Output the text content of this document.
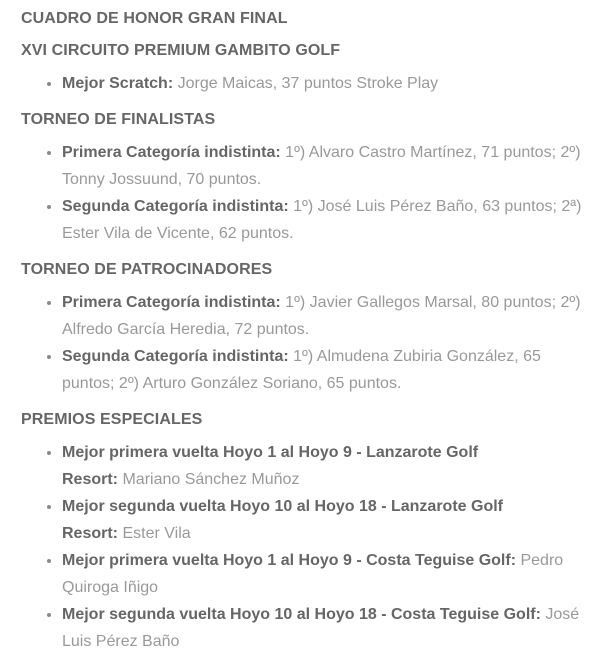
CUADRO DE HONOR GRAN FINAL
XVI CIRCUITO PREMIUM GAMBITO GOLF
• Mejor Scratch: Jorge Maicas, 37 puntos Stroke Play
TORNEO DE FINALISTAS
• Primera Categoría indistinta: 1º) Alvaro Castro Martínez, 71 puntos; 2º)
Tonny Jossuund, 70 puntos.
• Segunda Categoría indistinta: 1º) José Luis Pérez Baño, 63 puntos; 2ª)
Ester Vila de Vicente, 62 puntos.
TORNEO DE PATROCINADORES
• Primera Categoría indistinta: 1º) Javier Gallegos Marsal, 80 puntos; 2º)
Alfredo García Heredia, 72 puntos.
• Segunda Categoría indistinta: 1º) Almudena Zubiria González, 65
puntos; 2º) Arturo González Soriano, 65 puntos.
PREMIOS ESPECIALES
• Mejor primera vuelta Hoyo 1 al Hoyo 9 - Lanzarote Golf
Resort: Mariano Sánchez Muñoz
• Mejor segunda vuelta Hoyo 10 al Hoyo 18 - Lanzarote Golf
Resort: Ester Vila
• Mejor primera vuelta Hoyo 1 al Hoyo 9 - Costa Teguise Golf: Pedro
Quiroga Iñigo
• Mejor segunda vuelta Hoyo 10 al Hoyo 18 - Costa Teguise Golf: José
Luis Pérez Baño
